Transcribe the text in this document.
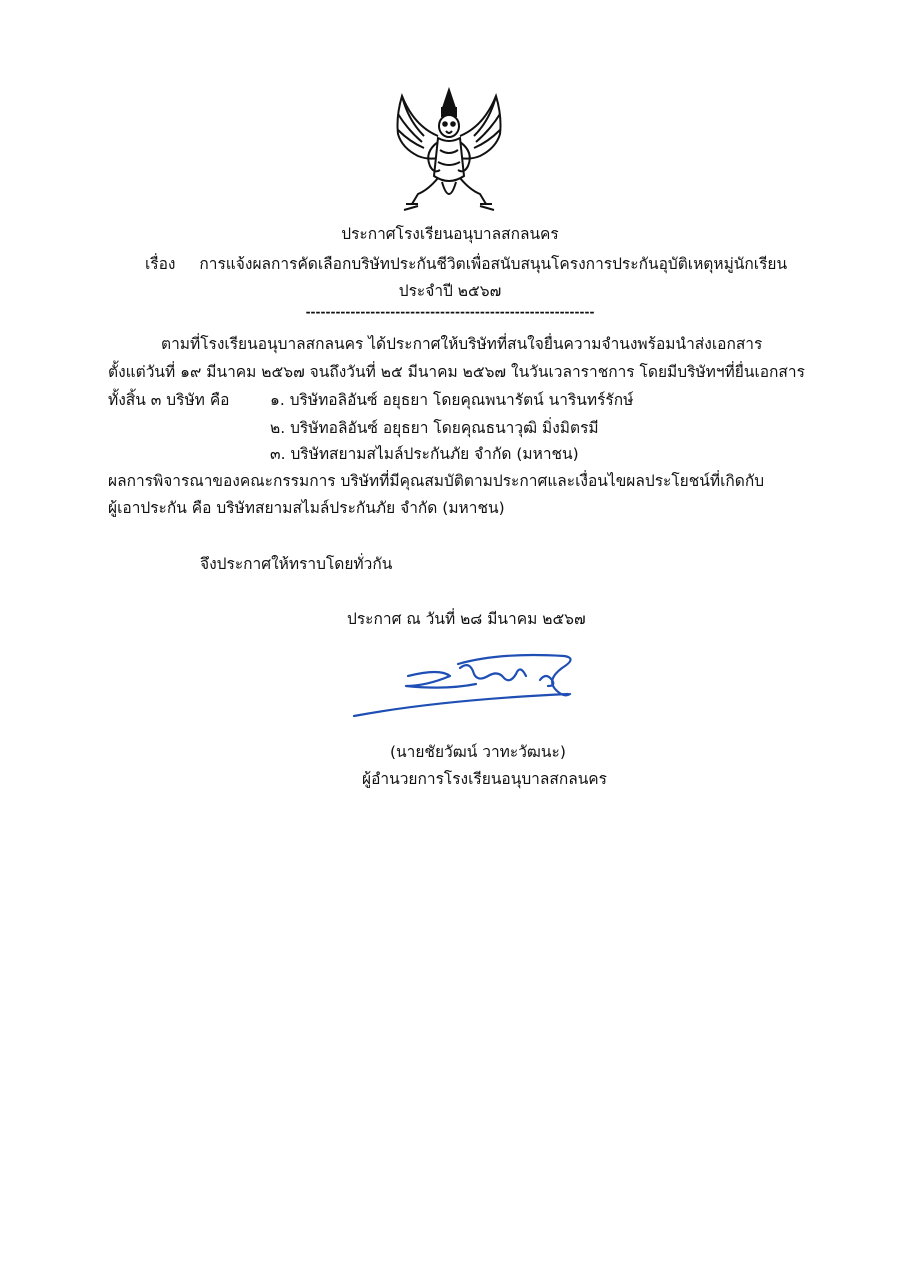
ประกาศโรงเรียนอนุบาลสกลนคร
เรื่อง การแจ้งผลการคัดเลือกบริษัทประกันชีวิตเพื่อสนับสนุนโครงการประกันอุบัติเหตุหมู่นักเรียน
ประจำปี ๒๕๖๗
----------------------------------------------------------
ตามที่โรงเรียนอนุบาลสกลนคร ได้ประกาศให้บริษัทที่สนใจยื่นความจำนงพร้อมนำส่งเอกสาร
ตั้งแต่วันที่ ๑๙ มีนาคม ๒๕๖๗ จนถึงวันที่ ๒๕ มีนาคม ๒๕๖๗ ในวันเวลาราชการ โดยมีบริษัทฯที่ยื่นเอกสาร
ทั้งสิ้น ๓ บริษัท คือ	๑. บริษัทอลิอันซ์ อยุธยา โดยคุณพนารัตน์ นารินทร์รักษ์
๒. บริษัทอลิอันซ์ อยุธยา โดยคุณธนาวุฒิ มิ่งมิตรมี
๓. บริษัทสยามสไมล์ประกันภัย จำกัด (มหาชน)
ผลการพิจารณาของคณะกรรมการ บริษัทที่มีคุณสมบัติตามประกาศและเงื่อนไขผลประโยชน์ที่เกิดกับ
ผู้เอาประกัน คือ บริษัทสยามสไมล์ประกันภัย จำกัด (มหาชน)
จึงประกาศให้ทราบโดยทั่วกัน
ประกาศ ณ วันที่ ๒๘ มีนาคม ๒๕๖๗
(นายชัยวัฒน์ วาทะวัฒนะ)
ผู้อำนวยการโรงเรียนอนุบาลสกลนคร
